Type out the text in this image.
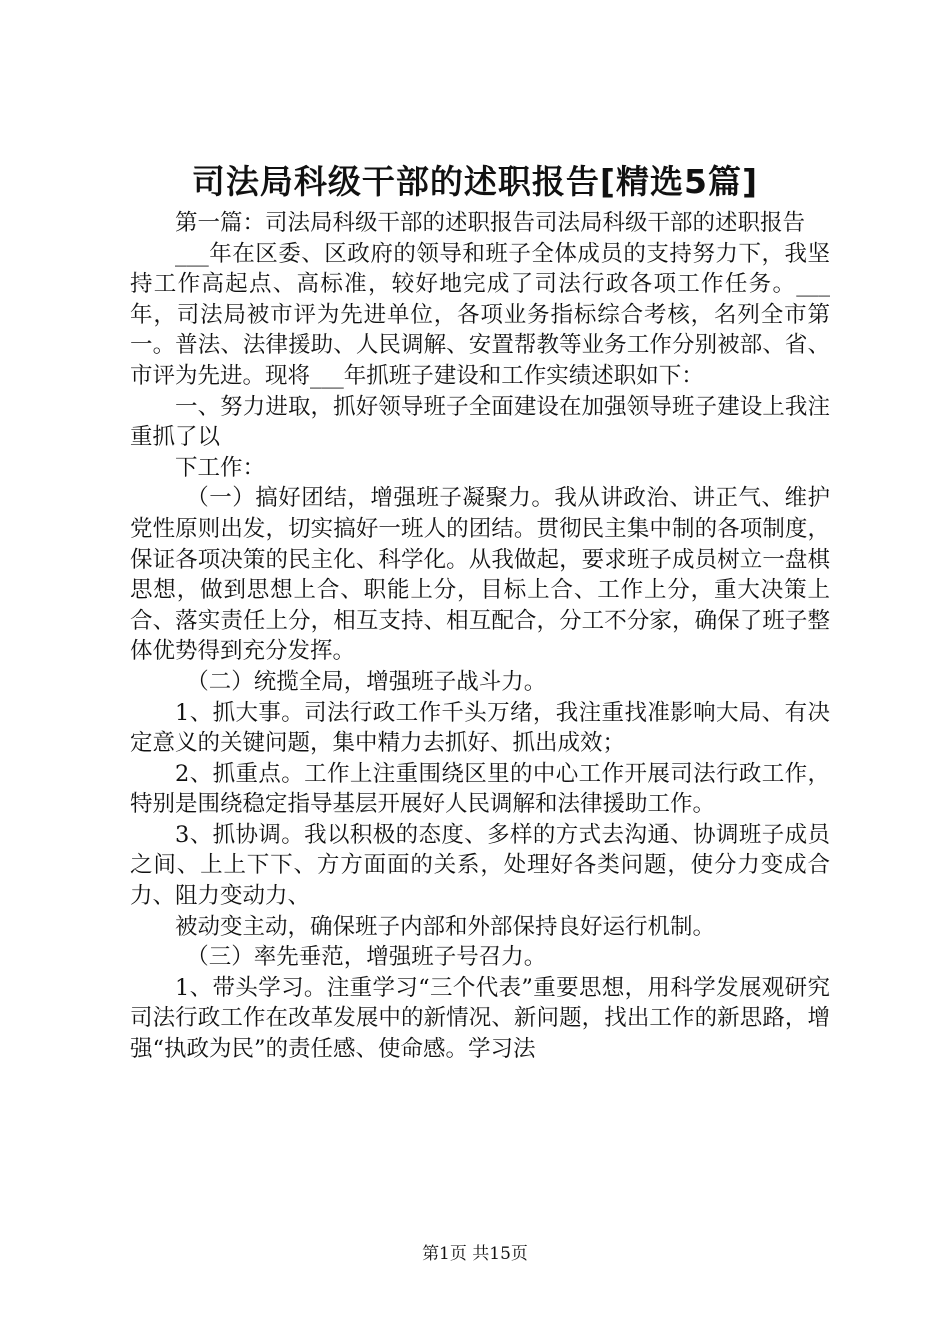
司法局科级干部的述职报告[精选5篇]

第一篇：司法局科级干部的述职报告司法局科级干部的述职报告

___年在区委、区政府的领导和班子全体成员的支持努力下，我坚持工作高起点、高标准，较好地完成了司法行政各项工作任务。___年，司法局被市评为先进单位，各项业务指标综合考核，名列全市第一。普法、法律援助、人民调解、安置帮教等业务工作分别被部、省、市评为先进。现将___年抓班子建设和工作实绩述职如下：

一、努力进取，抓好领导班子全面建设在加强领导班子建设上我注重抓了以

下工作：

（一）搞好团结，增强班子凝聚力。我从讲政治、讲正气、维护党性原则出发，切实搞好一班人的团结。贯彻民主集中制的各项制度，保证各项决策的民主化、科学化。从我做起，要求班子成员树立一盘棋思想，做到思想上合、职能上分，目标上合、工作上分，重大决策上合、落实责任上分，相互支持、相互配合，分工不分家，确保了班子整体优势得到充分发挥。

（二）统揽全局，增强班子战斗力。

1、抓大事。司法行政工作千头万绪，我注重找准影响大局、有决定意义的关键问题，集中精力去抓好、抓出成效；

2、抓重点。工作上注重围绕区里的中心工作开展司法行政工作，特别是围绕稳定指导基层开展好人民调解和法律援助工作。

3、抓协调。我以积极的态度、多样的方式去沟通、协调班子成员之间、上上下下、方方面面的关系，处理好各类问题，使分力变成合力、阻力变动力、

被动变主动，确保班子内部和外部保持良好运行机制。

（三）率先垂范，增强班子号召力。

1、带头学习。注重学习“三个代表”重要思想，用科学发展观研究司法行政工作在改革发展中的新情况、新问题，找出工作的新思路，增强“执政为民”的责任感、使命感。学习法

第1页 共15页
